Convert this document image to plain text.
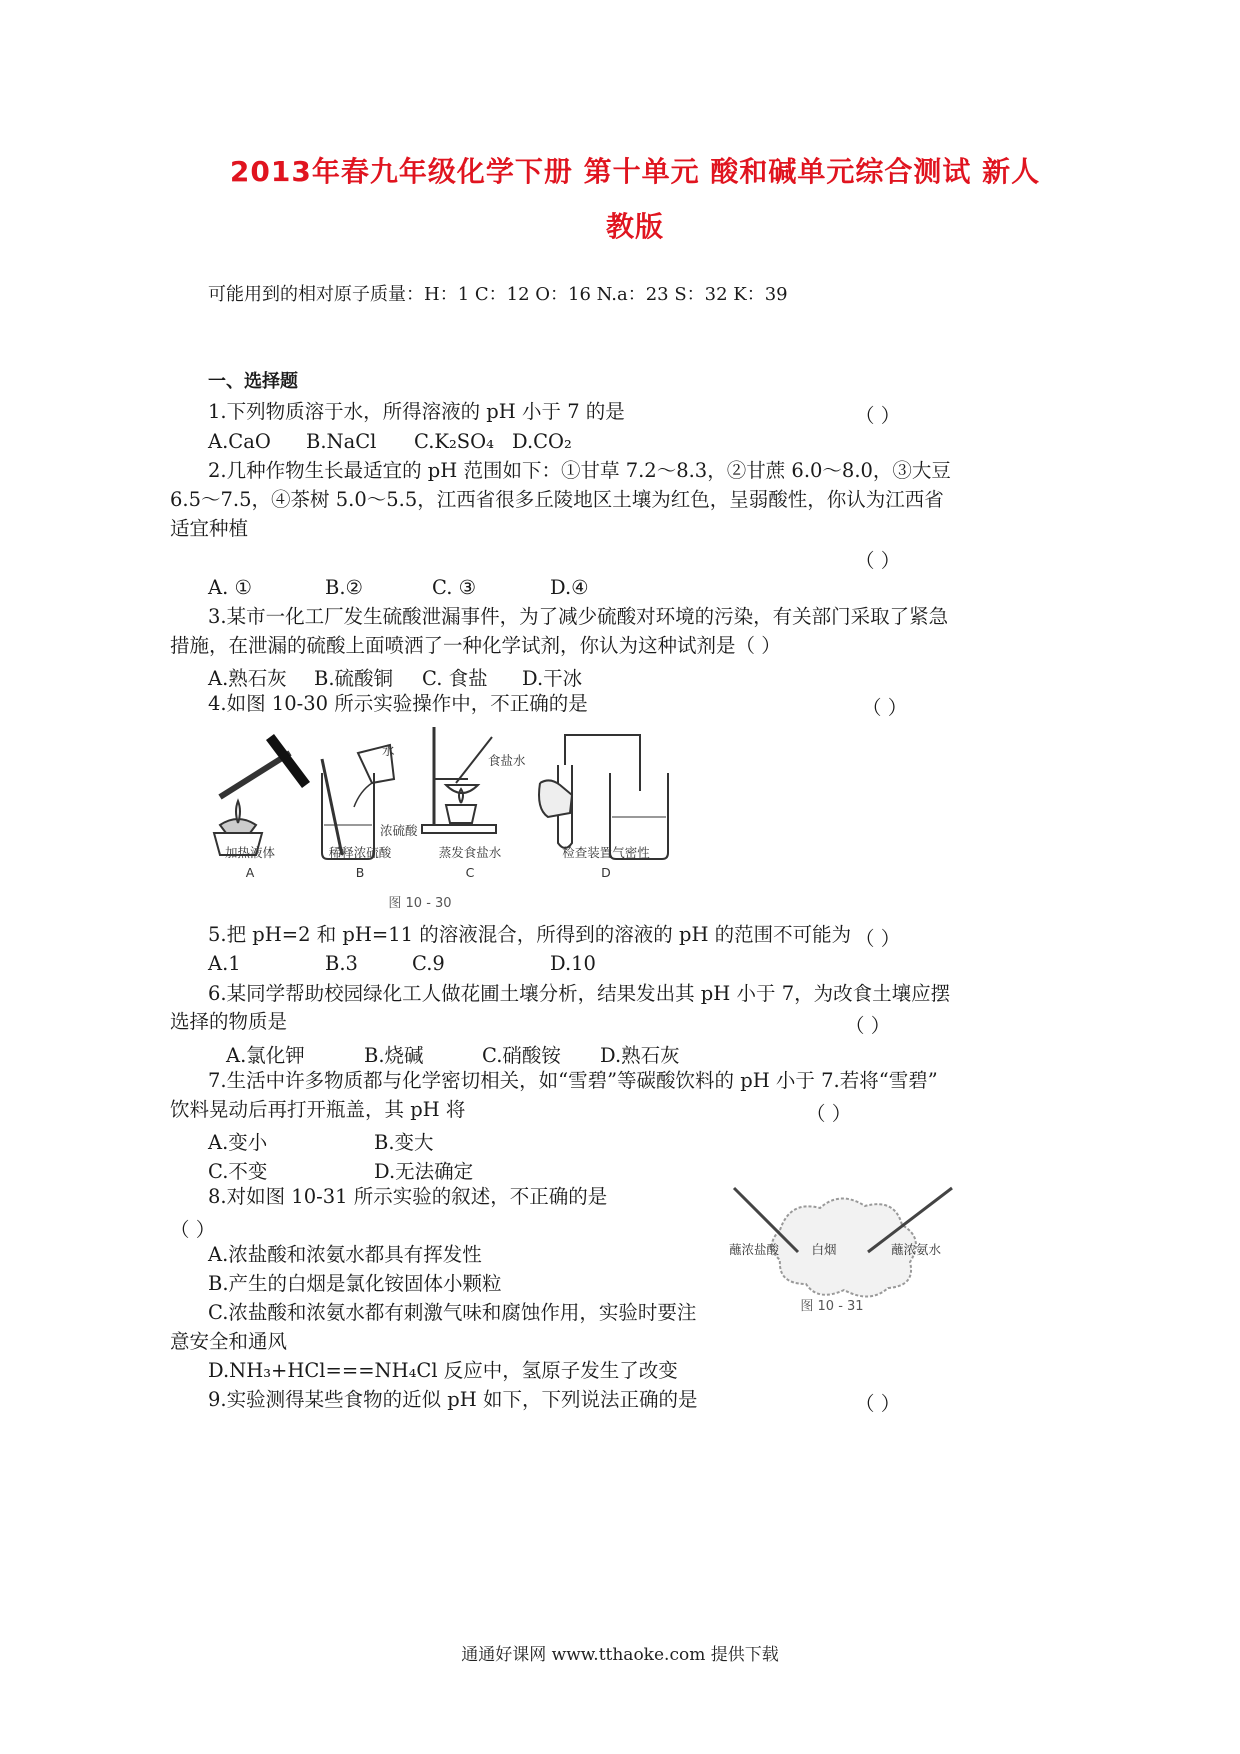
2013年春九年级化学下册 第十单元 酸和碱单元综合测试 新人
教版
可能用到的相对原子质量：H：1 C：12 O：16 N.a：23 S：32 K：39
一、选择题
1.下列物质溶于水，所得溶液的 pH 小于 7 的是	（ ）
A.CaO B.NaCl C.K₂SO₄ D.CO₂
2.几种作物生长最适宜的 pH 范围如下：①甘草 7.2～8.3，②甘蔗 6.0～8.0，③大豆
6.5～7.5，④茶树 5.0～5.5，江西省很多丘陵地区土壤为红色，呈弱酸性，你认为江西省
适宜种植
（ ）
A. ①	B.②	C. ③	D.④
3.某市一化工厂发生硫酸泄漏事件，为了减少硫酸对环境的污染，有关部门采取了紧急
措施，在泄漏的硫酸上面喷洒了一种化学试剂，你认为这种试剂是（ ）
A.熟石灰 B.硫酸铜 C. 食盐 D.干冰
4.如图 10-30 所示实验操作中，不正确的是	（ ）
水
浓硫酸
食盐水
加热液体	稀释浓硫酸	蒸发食盐水	检查装置气密性
A	B	C	D
图 10 - 30
5.把 pH=2 和 pH=11 的溶液混合，所得到的溶液的 pH 的范围不可能为 （ ）
A.1	B.3	C.9	D.10
6.某同学帮助校园绿化工人做花圃土壤分析，结果发出其 pH 小于 7，为改食土壤应摆
选择的物质是	（ ）
A.氯化钾	B.烧碱	C.硝酸铵 D.熟石灰
7.生活中许多物质都与化学密切相关，如“雪碧”等碳酸饮料的 pH 小于 7.若将“雪碧”
饮料晃动后再打开瓶盖，其 pH 将	（ ）
A.变小	B.变大
C.不变	D.无法确定
8.对如图 10-31 所示实验的叙述，不正确的是
（ ）
A.浓盐酸和浓氨水都具有挥发性
B.产生的白烟是氯化铵固体小颗粒
C.浓盐酸和浓氨水都有刺激气味和腐蚀作用，实验时要注
意安全和通风
D.NH₃+HCl===NH₄Cl 反应中，氢原子发生了改变
蘸浓盐酸	白烟	蘸浓氨水
图 10 - 31
9.实验测得某些食物的近似 pH 如下，下列说法正确的是	（ ）
通通好课网 www.tthaoke.com 提供下载
